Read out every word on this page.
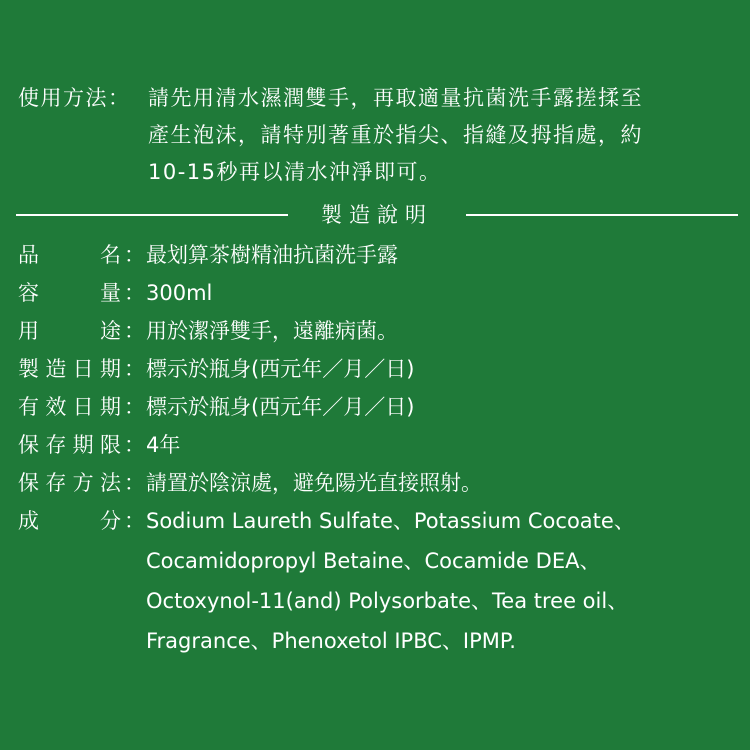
使用方法： 請先用清水濕潤雙手，再取適量抗菌洗手露搓揉至
產生泡沫，請特別著重於指尖、指縫及拇指處，約
10-15秒再以清水沖淨即可。
製造說明
品名 ： 最划算茶樹精油抗菌洗手露
容量 ： 300ml
用途 ： 用於潔淨雙手，遠離病菌。
製造日期 ： 標示於瓶身(西元年／月／日)
有效日期 ： 標示於瓶身(西元年／月／日)
保存期限 ： 4年
保存方法 ： 請置於陰涼處，避免陽光直接照射。
成分 ： Sodium Laureth Sulfate、Potassium Cocoate、
Cocamidopropyl Betaine、Cocamide DEA、
Octoxynol-11(and) Polysorbate、Tea tree oil、
Fragrance、Phenoxetol IPBC、IPMP.
